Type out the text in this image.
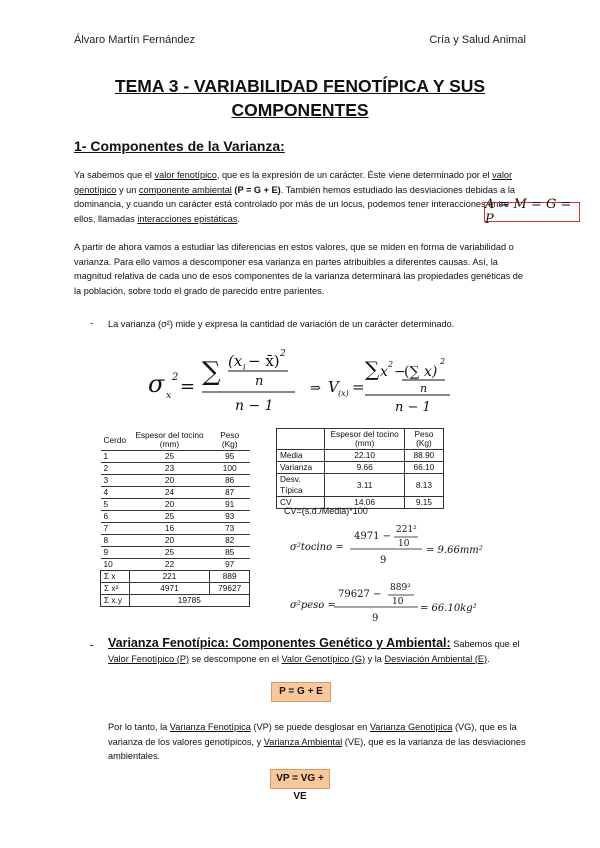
Álvaro Martín Fernández	Cría y Salud Animal
TEMA 3 - VARIABILIDAD FENOTÍPICA Y SUS
COMPONENTES
1- Componentes de la Varianza:
Ya sabemos que el valor fenotípico, que es la expresión de un carácter. Éste viene determinado por el valor genotípico y un componente ambiental (P = G + E). También hemos estudiado las desviaciones debidas a la dominancia, y cuando un carácter está controlado por más de un locus, podemos tener interacciones entre ellos, llamadas interacciones epistáticas.
A = M = G = P
A partir de ahora vamos a estudiar las diferencias en estos valores, que se miden en forma de variabilidad o varianza. Para ello vamos a descomponer esa varianza en partes atribuibles a diferentes causas. Así, la magnitud relativa de cada uno de esos componentes de la varianza determinará las propiedades genéticas de la población, sobre todo el grado de parecido entre parientes.
- La varianza (σ²) mide y expresa la cantidad de variación de un carácter determinado.
σ x
2 = ∑ (x i − x̄) 2
n
n − 1
⇒ V (x) =
∑ x 2 −
(∑ x)
2
n
n − 1
Cerdo	Espesor del tocino (mm)	Peso (Kg)
1	25	95
2	23	100
3	20	86
4	24	87
5	20	91
6	25	93
7	16	73
8	20	82
9	25	85
10	22	97
Σ x	221	889
Σ x²	4971	79627
Σ x.y	19785	
	Espesor del tocino (mm)	Peso (Kg)
Media	22.10	88.90
Varianza	9.66	66.10
Desv. Típica	3.11	8.13
CV	14.06	9.15
CV=(s.d./Media)*100
σ²tocino =
4971 −
221²
10
9
= 9.66mm²
σ²peso =
79627 −
889²
10
9
= 66.10kg²
- Varianza Fenotípica: Componentes Genético y Ambiental: Sabemos que el Valor Fenotípico (P) se descompone en el Valor Genotípico (G) y la Desviación Ambiental (E).
P = G + E
Por lo tanto, la Varianza Fenotípica (VP) se puede desglosar en Varianza Genotípica (VG), que es la varianza de los valores genotípicos, y Varianza Ambiental (VE), que es la varianza de las desviaciones ambientales.
VP = VG + VE
